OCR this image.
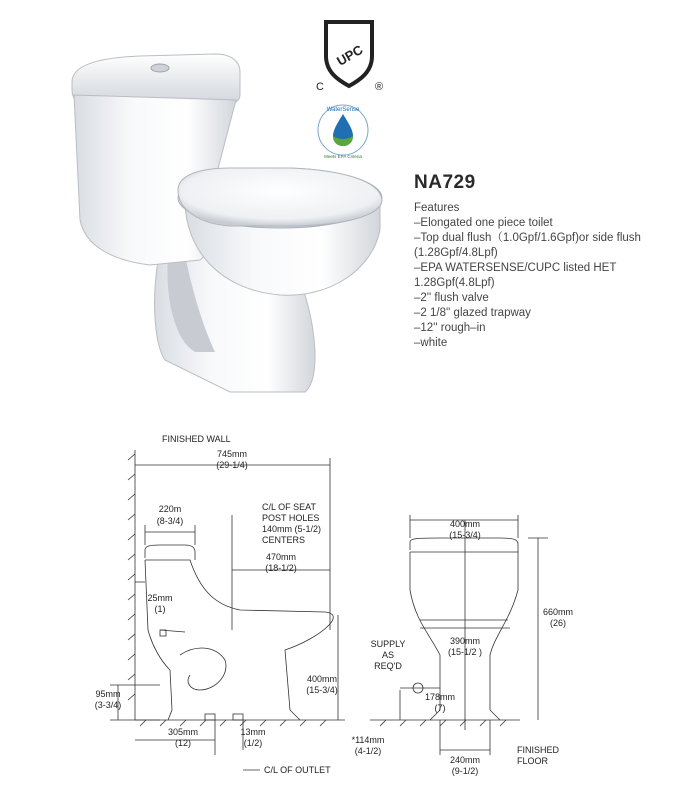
UPC
C	®
WaterSense
Meets EPA Criteria
NA729
Features
–Elongated one piece toilet
–Top dual flush（1.0Gpf/1.6Gpf)or side flush
(1.28Gpf/4.8Lpf)
–EPA WATERSENSE/CUPC listed HET
1.28Gpf(4.8Lpf)
–2'' flush valve
–2 1/8'' glazed trapway
–12'' rough–in
–white
FINISHED WALL
745mm
(29-1/4)
220m
(8-3/4)
C/L OF SEAT
POST HOLES
140mm (5-1/2)
CENTERS
470mm
(18-1/2)
25mm
(1)
95mm
(3-3/4)
400mm
(15-3/4)
305mm
(12)
13mm
(1/2)
C/L OF OUTLET
400mm
(15-3/4)
660mm
(26)
390mm
(15-1/2 )
SUPPLY
AS
REQ'D
178mm
(7)
240mm
(9-1/2)
FINISHED
FLOOR
*114mm
(4-1/2)
